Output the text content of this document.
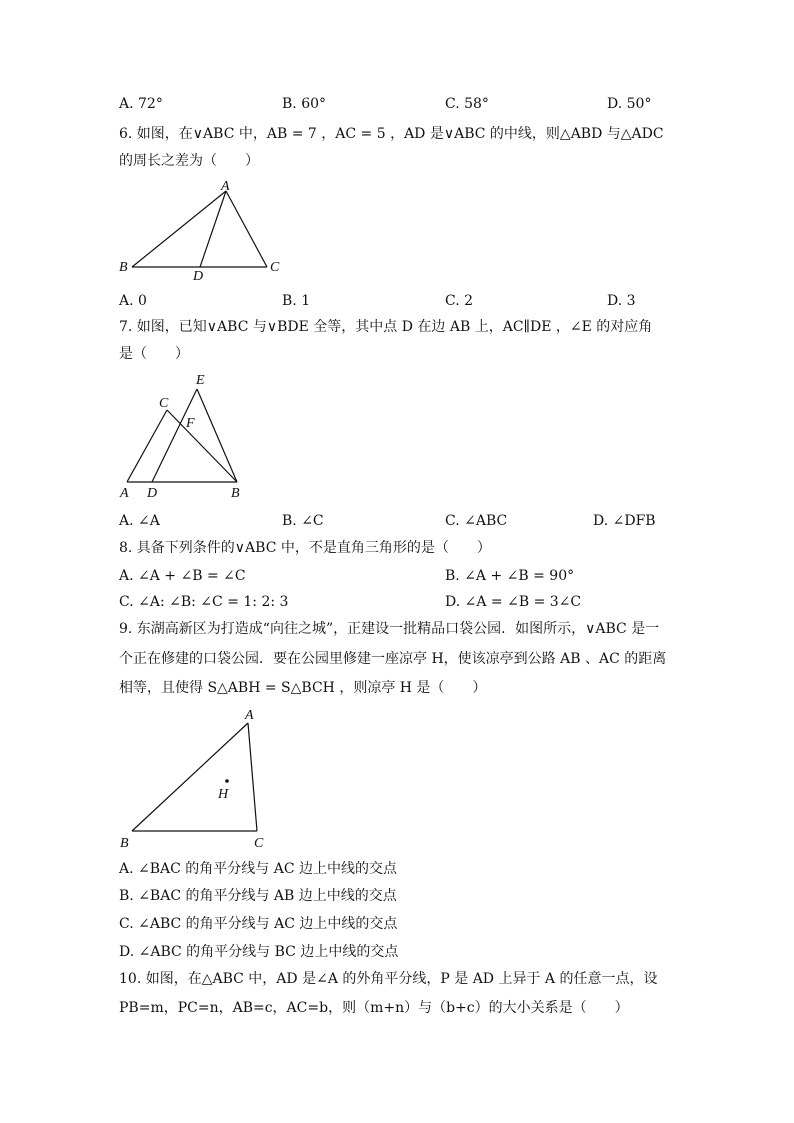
A. 72°	B. 60°	C. 58°	D. 50°
6. 如图，在∨ABC 中，AB = 7 ，AC = 5 ，AD 是∨ABC 的中线，则△ABD 与△ADC
的周长之差为（　　）
A
B	C
D
A. 0	B. 1	C. 2	D. 3
7. 如图，已知∨ABC 与∨BDE 全等，其中点 D 在边 AB 上，AC∥DE ，∠E 的对应角
是（　　）
E
C
F
A D	B
A. ∠A	B. ∠C	C. ∠ABC	D. ∠DFB
8. 具备下列条件的∨ABC 中，不是直角三角形的是（　　）
A. ∠A + ∠B = ∠C	B. ∠A + ∠B = 90°
C. ∠A: ∠B: ∠C = 1: 2: 3	D. ∠A = ∠B = 3∠C
9. 东湖高新区为打造成“向往之城”，正建设一批精品口袋公园．如图所示，∨ABC 是一
个正在修建的口袋公园．要在公园里修建一座凉亭 H，使该凉亭到公路 AB 、AC 的距离
相等，且使得 S△ABH = S△BCH ，则凉亭 H 是（　　）
A
H
B	C
A. ∠BAC 的角平分线与 AC 边上中线的交点
B. ∠BAC 的角平分线与 AB 边上中线的交点
C. ∠ABC 的角平分线与 AC 边上中线的交点
D. ∠ABC 的角平分线与 BC 边上中线的交点
10. 如图，在△ABC 中，AD 是∠A 的外角平分线，P 是 AD 上异于 A 的任意一点，设
PB=m，PC=n，AB=c，AC=b，则（m+n）与（b+c）的大小关系是（　　）
